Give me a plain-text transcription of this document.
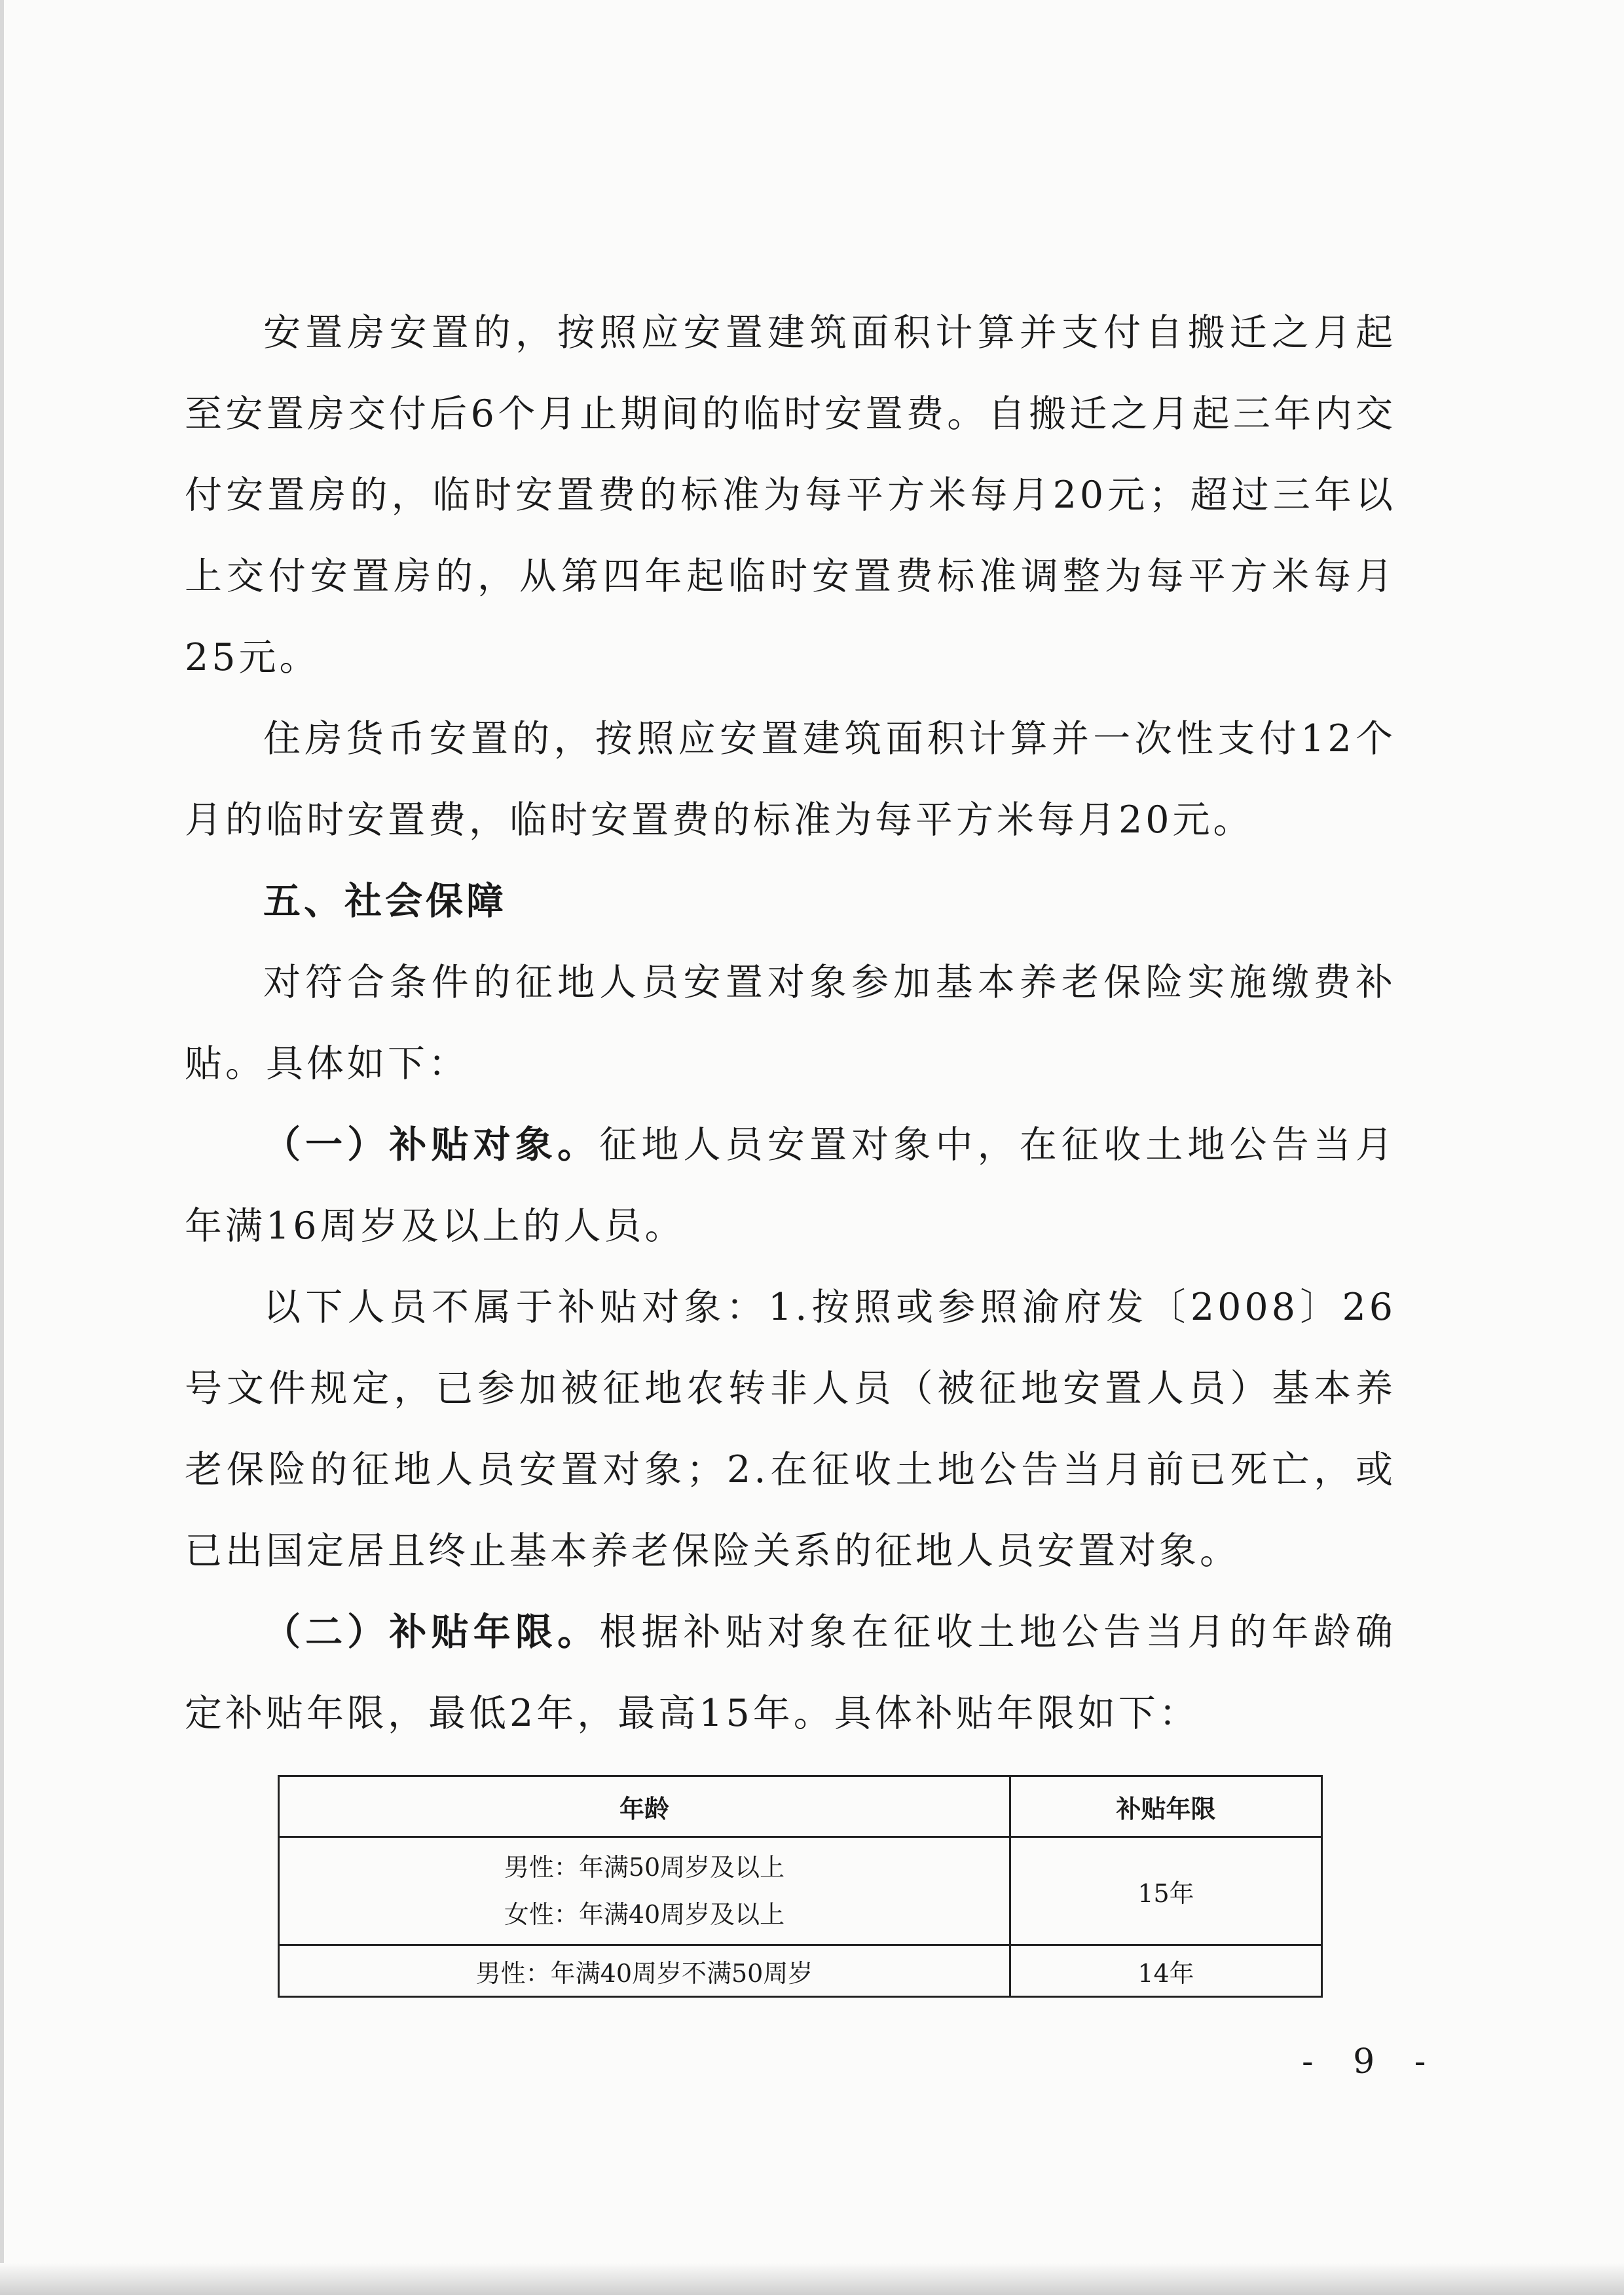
安置房安置的，按照应安置建筑面积计算并支付自搬迁之月起至安置房交付后6个月止期间的临时安置费。自搬迁之月起三年内交付安置房的，临时安置费的标准为每平方米每月20元；超过三年以上交付安置房的，从第四年起临时安置费标准调整为每平方米每月25元。

住房货币安置的，按照应安置建筑面积计算并一次性支付12个月的临时安置费，临时安置费的标准为每平方米每月20元。

五、社会保障

对符合条件的征地人员安置对象参加基本养老保险实施缴费补贴。具体如下：

（一）补贴对象。征地人员安置对象中，在征收土地公告当月年满16周岁及以上的人员。

以下人员不属于补贴对象：1.按照或参照渝府发〔2008〕26号文件规定，已参加被征地农转非人员（被征地安置人员）基本养老保险的征地人员安置对象；2.在征收土地公告当月前已死亡，或已出国定居且终止基本养老保险关系的征地人员安置对象。

（二）补贴年限。根据补贴对象在征收土地公告当月的年龄确定补贴年限，最低2年，最高15年。具体补贴年限如下：

年龄	补贴年限

男性：年满50周岁及以上
女性：年满40周岁及以上	15年

男性：年满40周岁不满50周岁	14年
- 9 -
